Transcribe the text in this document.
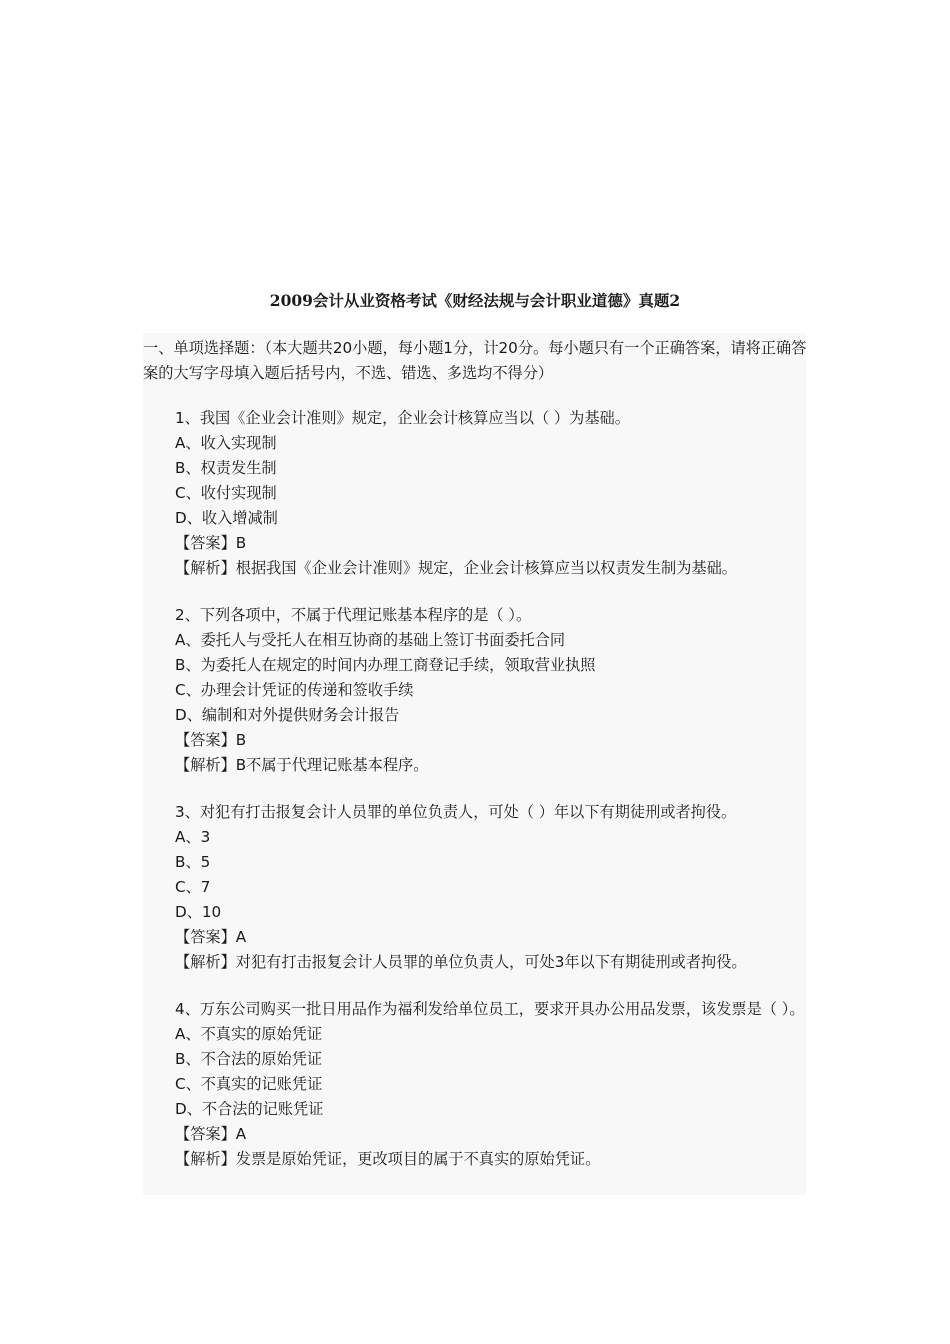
2009会计从业资格考试《财经法规与会计职业道德》真题2

一、单项选择题：（本大题共20小题，每小题1分，计20分。每小题只有一个正确答案，请将正确答案的大写字母填入题后括号内，不选、错选、多选均不得分）

1、我国《企业会计准则》规定，企业会计核算应当以（ ）为基础。
A、收入实现制
B、权责发生制
C、收付实现制
D、收入增减制
【答案】B
【解析】根据我国《企业会计准则》规定，企业会计核算应当以权责发生制为基础。
2、下列各项中，不属于代理记账基本程序的是（ ）。
A、委托人与受托人在相互协商的基础上签订书面委托合同
B、为委托人在规定的时间内办理工商登记手续，领取营业执照
C、办理会计凭证的传递和签收手续
D、编制和对外提供财务会计报告
【答案】B
【解析】B不属于代理记账基本程序。
3、对犯有打击报复会计人员罪的单位负责人，可处（ ）年以下有期徒刑或者拘役。
A、3
B、5
C、7
D、10
【答案】A
【解析】对犯有打击报复会计人员罪的单位负责人，可处3年以下有期徒刑或者拘役。
4、万东公司购买一批日用品作为福利发给单位员工，要求开具办公用品发票，该发票是（ ）。
A、不真实的原始凭证
B、不合法的原始凭证
C、不真实的记账凭证
D、不合法的记账凭证
【答案】A
【解析】发票是原始凭证，更改项目的属于不真实的原始凭证。
